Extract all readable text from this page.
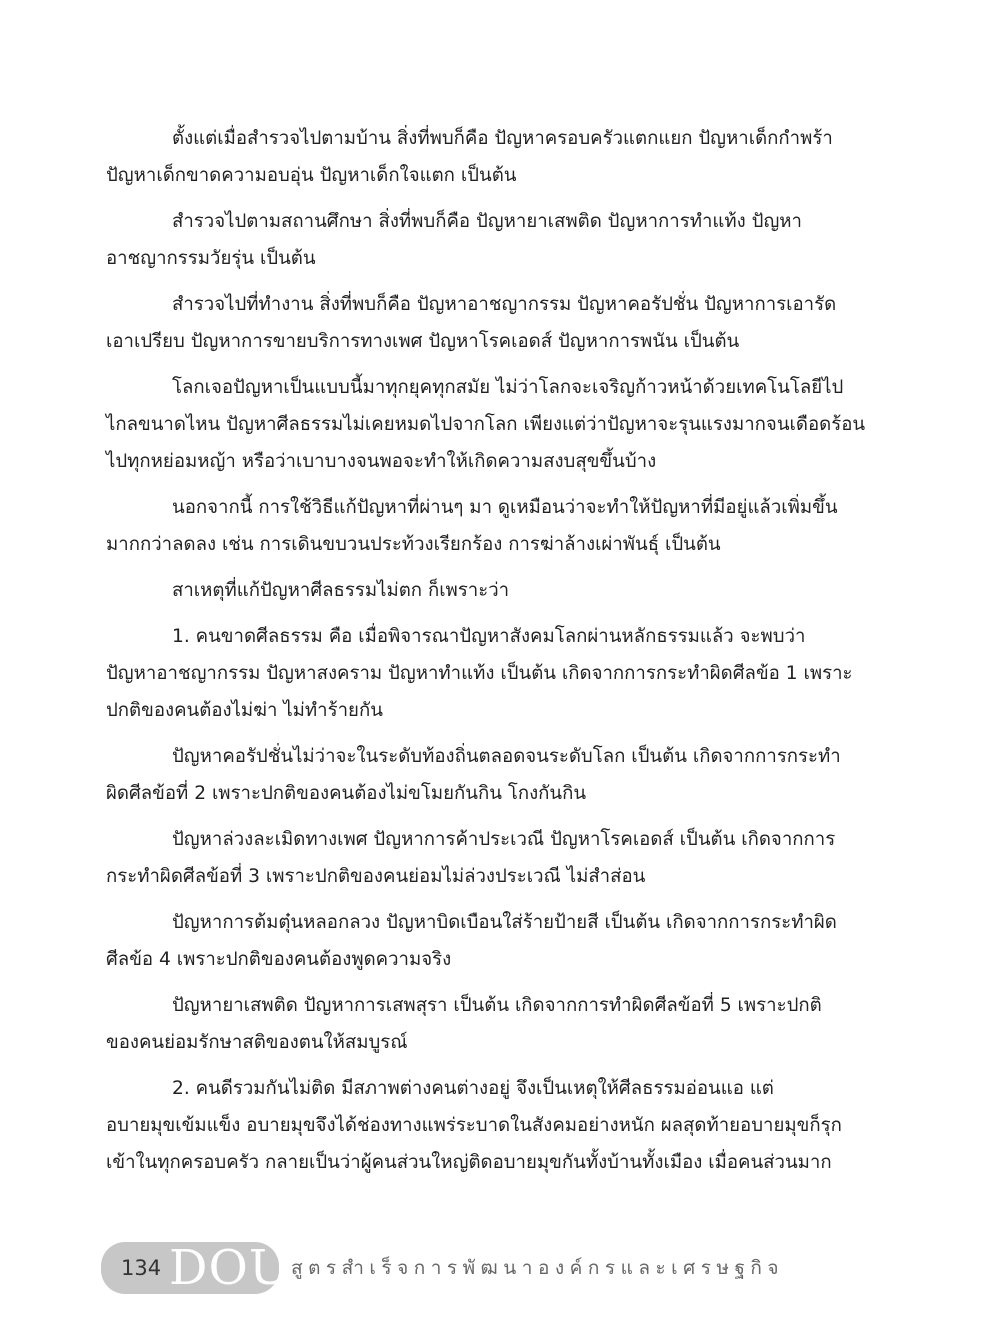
ตั้งแต่เมื่อสำรวจไปตามบ้าน สิ่งที่พบก็คือ ปัญหาครอบครัวแตกแยก ปัญหาเด็กกำพร้า
ปัญหาเด็กขาดความอบอุ่น ปัญหาเด็กใจแตก เป็นต้น
สำรวจไปตามสถานศึกษา สิ่งที่พบก็คือ ปัญหายาเสพติด ปัญหาการทำแท้ง ปัญหา
อาชญากรรมวัยรุ่น เป็นต้น
สำรวจไปที่ทำงาน สิ่งที่พบก็คือ ปัญหาอาชญากรรม ปัญหาคอรัปชั่น ปัญหาการเอารัด
เอาเปรียบ ปัญหาการขายบริการทางเพศ ปัญหาโรคเอดส์ ปัญหาการพนัน เป็นต้น
โลกเจอปัญหาเป็นแบบนี้มาทุกยุคทุกสมัย ไม่ว่าโลกจะเจริญก้าวหน้าด้วยเทคโนโลยีไป
ไกลขนาดไหน ปัญหาศีลธรรมไม่เคยหมดไปจากโลก เพียงแต่ว่าปัญหาจะรุนแรงมากจนเดือดร้อน
ไปทุกหย่อมหญ้า หรือว่าเบาบางจนพอจะทำให้เกิดความสงบสุขขึ้นบ้าง
นอกจากนี้ การใช้วิธีแก้ปัญหาที่ผ่านๆ มา ดูเหมือนว่าจะทำให้ปัญหาที่มีอยู่แล้วเพิ่มขึ้น
มากกว่าลดลง เช่น การเดินขบวนประท้วงเรียกร้อง การฆ่าล้างเผ่าพันธุ์ เป็นต้น
สาเหตุที่แก้ปัญหาศีลธรรมไม่ตก ก็เพราะว่า
1. คนขาดศีลธรรม คือ เมื่อพิจารณาปัญหาสังคมโลกผ่านหลักธรรมแล้ว จะพบว่า
ปัญหาอาชญากรรม ปัญหาสงคราม ปัญหาทำแท้ง เป็นต้น เกิดจากการกระทำผิดศีลข้อ 1 เพราะ
ปกติของคนต้องไม่ฆ่า ไม่ทำร้ายกัน
ปัญหาคอรัปชั่นไม่ว่าจะในระดับท้องถิ่นตลอดจนระดับโลก เป็นต้น เกิดจากการกระทำ
ผิดศีลข้อที่ 2 เพราะปกติของคนต้องไม่ขโมยกันกิน โกงกันกิน
ปัญหาล่วงละเมิดทางเพศ ปัญหาการค้าประเวณี ปัญหาโรคเอดส์ เป็นต้น เกิดจากการ
กระทำผิดศีลข้อที่ 3 เพราะปกติของคนย่อมไม่ล่วงประเวณี ไม่สำส่อน
ปัญหาการต้มตุ๋นหลอกลวง ปัญหาบิดเบือนใส่ร้ายป้ายสี เป็นต้น เกิดจากการกระทำผิด
ศีลข้อ 4 เพราะปกติของคนต้องพูดความจริง
ปัญหายาเสพติด ปัญหาการเสพสุรา เป็นต้น เกิดจากการทำผิดศีลข้อที่ 5 เพราะปกติ
ของคนย่อมรักษาสติของตนให้สมบูรณ์
2. คนดีรวมกันไม่ติด มีสภาพต่างคนต่างอยู่ จึงเป็นเหตุให้ศีลธรรมอ่อนแอ แต่
อบายมุขเข้มแข็ง อบายมุขจึงได้ช่องทางแพร่ระบาดในสังคมอย่างหนัก ผลสุดท้ายอบายมุขก็รุก
เข้าในทุกครอบครัว กลายเป็นว่าผู้คนส่วนใหญ่ติดอบายมุขกันทั้งบ้านทั้งเมือง เมื่อคนส่วนมาก
134 DOU สูตรสำเร็จการพัฒนาองค์กรและเศรษฐกิจ
